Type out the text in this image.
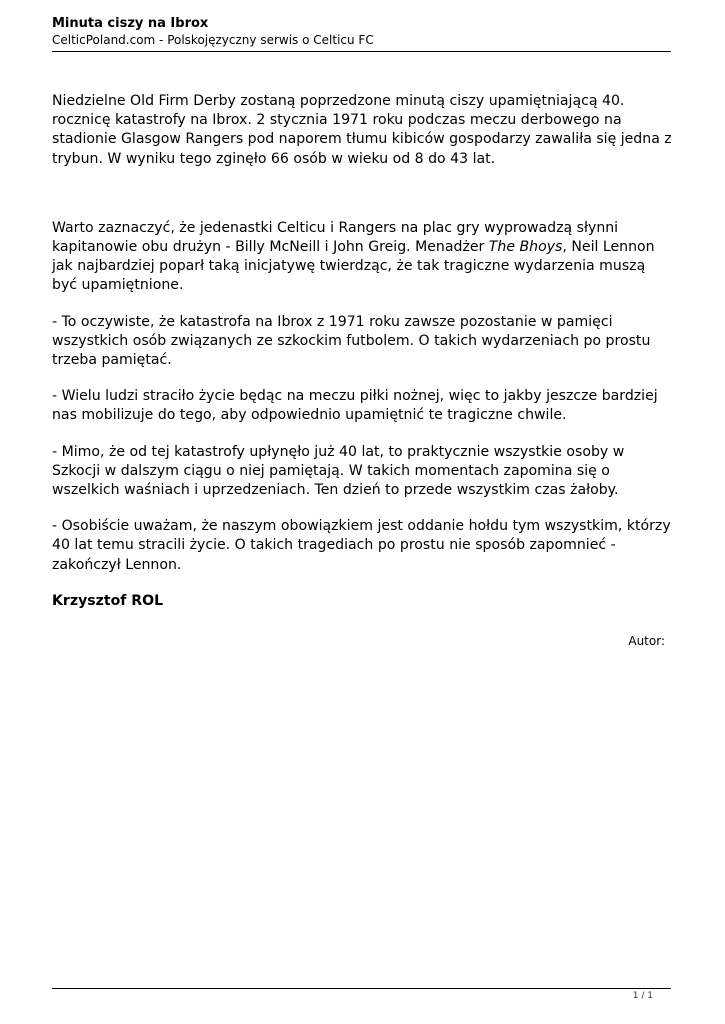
Minuta ciszy na Ibrox
CelticPoland.com - Polskojęzyczny serwis o Celticu FC

Niedzielne Old Firm Derby zostaną poprzedzone minutą ciszy upamiętniającą 40. rocznicę katastrofy na Ibrox. 2 stycznia 1971 roku podczas meczu derbowego na stadionie Glasgow Rangers pod naporem tłumu kibiców gospodarzy zawaliła się jedna z trybun. W wyniku tego zginęło 66 osób w wieku od 8 do 43 lat.

Warto zaznaczyć, że jedenastki Celticu i Rangers na plac gry wyprowadzą słynni kapitanowie obu drużyn - Billy McNeill i John Greig. Menadżer The Bhoys, Neil Lennon jak najbardziej poparł taką inicjatywę twierdząc, że tak tragiczne wydarzenia muszą być upamiętnione.

- To oczywiste, że katastrofa na Ibrox z 1971 roku zawsze pozostanie w pamięci wszystkich osób związanych ze szkockim futbolem. O takich wydarzeniach po prostu trzeba pamiętać.

- Wielu ludzi straciło życie będąc na meczu piłki nożnej, więc to jakby jeszcze bardziej nas mobilizuje do tego, aby odpowiednio upamiętnić te tragiczne chwile.

- Mimo, że od tej katastrofy upłynęło już 40 lat, to praktycznie wszystkie osoby w Szkocji w dalszym ciągu o niej pamiętają. W takich momentach zapomina się o wszelkich waśniach i uprzedzeniach. Ten dzień to przede wszystkim czas żałoby.

- Osobiście uważam, że naszym obowiązkiem jest oddanie hołdu tym wszystkim, którzy 40 lat temu stracili życie. O takich tragediach po prostu nie sposób zapomnieć - zakończył Lennon.

Krzysztof ROL

Autor:
1 / 1
